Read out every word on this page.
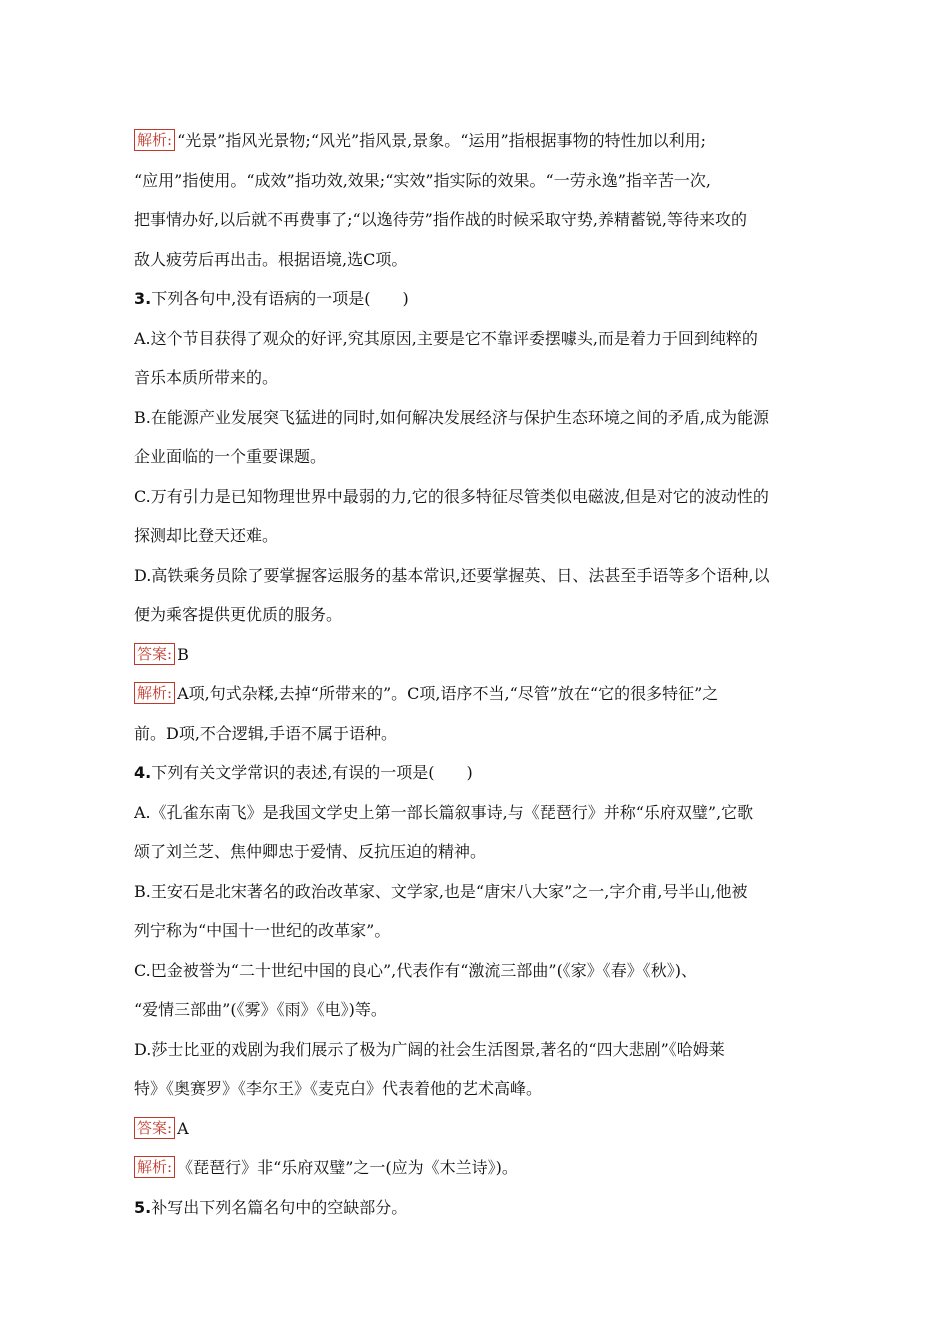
解析: “光景”指风光景物;“风光”指风景,景象。“运用”指根据事物的特性加以利用;
“应用”指使用。“成效”指功效,效果;“实效”指实际的效果。“一劳永逸”指辛苦一次,
把事情办好,以后就不再费事了;“以逸待劳”指作战的时候采取守势,养精蓄锐,等待来攻的
敌人疲劳后再出击。根据语境,选C项。
3.下列各句中,没有语病的一项是(　　)
A.这个节目获得了观众的好评,究其原因,主要是它不靠评委摆噱头,而是着力于回到纯粹的
音乐本质所带来的。
B.在能源产业发展突飞猛进的同时,如何解决发展经济与保护生态环境之间的矛盾,成为能源
企业面临的一个重要课题。
C.万有引力是已知物理世界中最弱的力,它的很多特征尽管类似电磁波,但是对它的波动性的
探测却比登天还难。
D.高铁乘务员除了要掌握客运服务的基本常识,还要掌握英、日、法甚至手语等多个语种,以
便为乘客提供更优质的服务。
答案: B
解析: A项,句式杂糅,去掉“所带来的”。C项,语序不当,“尽管”放在“它的很多特征”之
前。D项,不合逻辑,手语不属于语种。
4.下列有关文学常识的表述,有误的一项是(　　)
A.《孔雀东南飞》是我国文学史上第一部长篇叙事诗,与《琵琶行》并称“乐府双璧”,它歌
颂了刘兰芝、焦仲卿忠于爱情、反抗压迫的精神。
B.王安石是北宋著名的政治改革家、文学家,也是“唐宋八大家”之一,字介甫,号半山,他被
列宁称为“中国十一世纪的改革家”。
C.巴金被誉为“二十世纪中国的良心”,代表作有“激流三部曲”(《家》《春》《秋》)、
“爱情三部曲”(《雾》《雨》《电》)等。
D.莎士比亚的戏剧为我们展示了极为广阔的社会生活图景,著名的“四大悲剧”《哈姆莱
特》《奥赛罗》《李尔王》《麦克白》代表着他的艺术高峰。
答案: A
解析: 《琵琶行》非“乐府双璧”之一(应为《木兰诗》)。
5.补写出下列名篇名句中的空缺部分。
